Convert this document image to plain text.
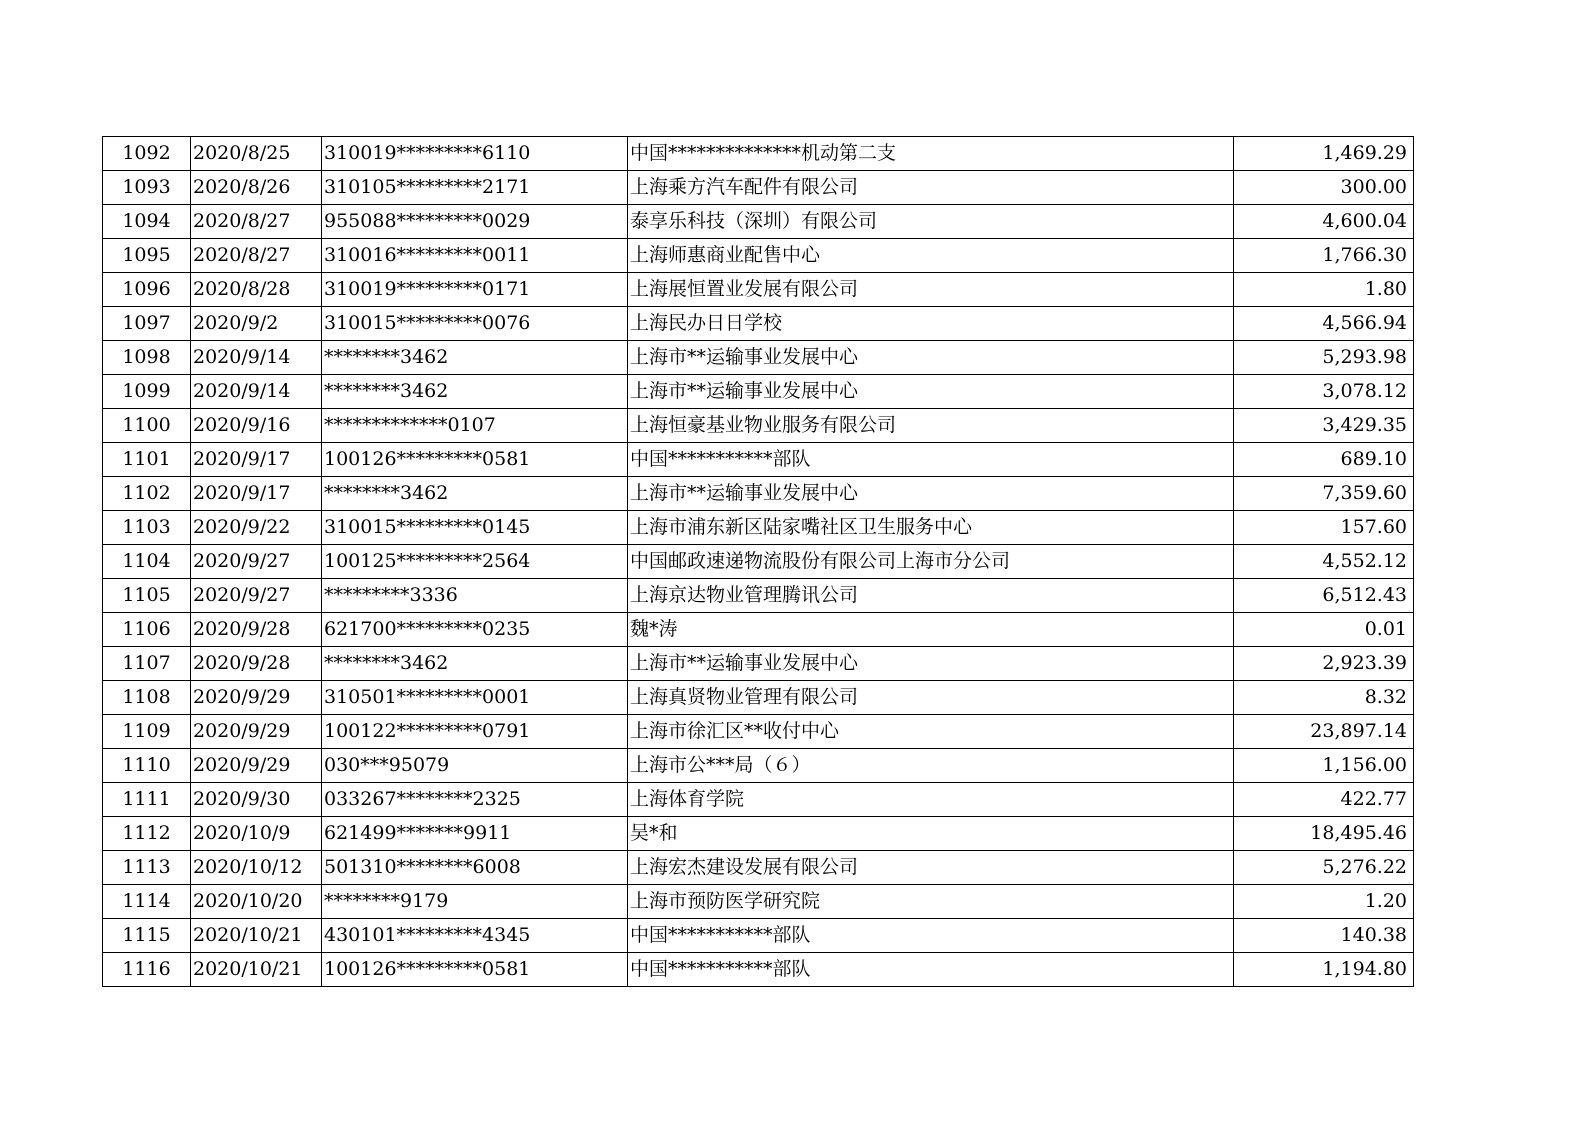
1092	2020/8/25	310019*********6110	中国**************机动第二支	1,469.29
1093	2020/8/26	310105*********2171	上海乘方汽车配件有限公司	300.00
1094	2020/8/27	955088*********0029	泰享乐科技（深圳）有限公司	4,600.04
1095	2020/8/27	310016*********0011	上海师惠商业配售中心	1,766.30
1096	2020/8/28	310019*********0171	上海展恒置业发展有限公司	1.80
1097	2020/9/2	310015*********0076	上海民办日日学校	4,566.94
1098	2020/9/14	********3462	上海市**运输事业发展中心	5,293.98
1099	2020/9/14	********3462	上海市**运输事业发展中心	3,078.12
1100	2020/9/16	*************0107	上海恒豪基业物业服务有限公司	3,429.35
1101	2020/9/17	100126*********0581	中国***********部队	689.10
1102	2020/9/17	********3462	上海市**运输事业发展中心	7,359.60
1103	2020/9/22	310015*********0145	上海市浦东新区陆家嘴社区卫生服务中心	157.60
1104	2020/9/27	100125*********2564	中国邮政速递物流股份有限公司上海市分公司	4,552.12
1105	2020/9/27	*********3336	上海京达物业管理腾讯公司	6,512.43
1106	2020/9/28	621700*********0235	魏*涛	0.01
1107	2020/9/28	********3462	上海市**运输事业发展中心	2,923.39
1108	2020/9/29	310501*********0001	上海真贤物业管理有限公司	8.32
1109	2020/9/29	100122*********0791	上海市徐汇区**收付中心	23,897.14
1110	2020/9/29	030***95079	上海市公***局（６）	1,156.00
1111	2020/9/30	033267********2325	上海体育学院	422.77
1112	2020/10/9	621499*******9911	吴*和	18,495.46
1113	2020/10/12	501310********6008	上海宏杰建设发展有限公司	5,276.22
1114	2020/10/20	********9179	上海市预防医学研究院	1.20
1115	2020/10/21	430101*********4345	中国***********部队	140.38
1116	2020/10/21	100126*********0581	中国***********部队	1,194.80
